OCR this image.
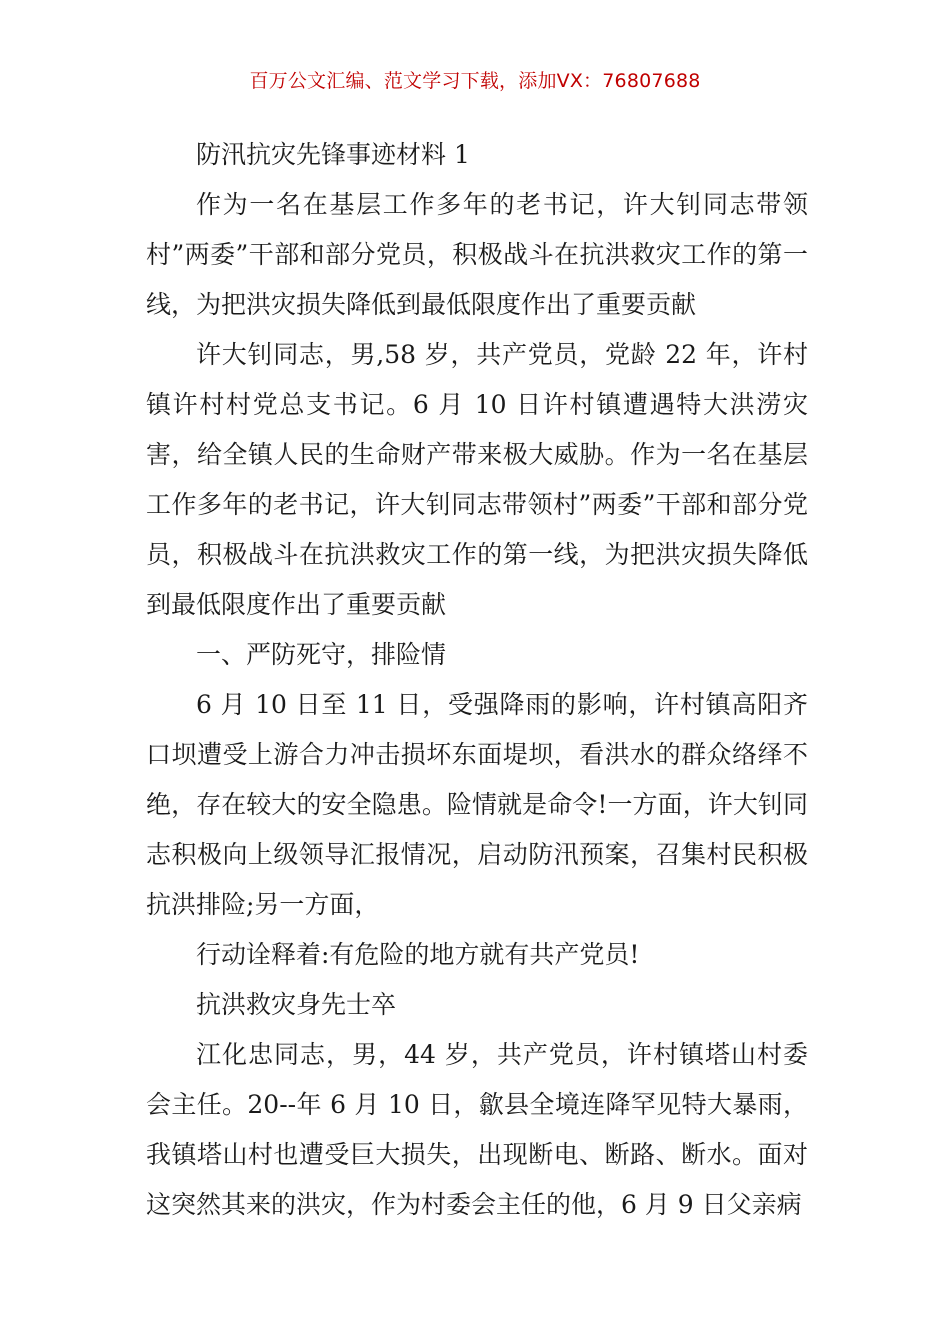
百万公文汇编、范文学习下载，添加VX：76807688

防汛抗灾先锋事迹材料 1

作为一名在基层工作多年的老书记，许大钊同志带领村”两委”干部和部分党员，积极战斗在抗洪救灾工作的第一线，为把洪灾损失降低到最低限度作出了重要贡献

许大钊同志，男,58 岁，共产党员，党龄 22 年，许村镇许村村党总支书记。6 月 10 日许村镇遭遇特大洪涝灾害，给全镇人民的生命财产带来极大威胁。作为一名在基层工作多年的老书记，许大钊同志带领村”两委”干部和部分党员，积极战斗在抗洪救灾工作的第一线，为把洪灾损失降低到最低限度作出了重要贡献

一、严防死守，排险情

6 月 10 日至 11 日，受强降雨的影响，许村镇高阳齐口坝遭受上游合力冲击损坏东面堤坝，看洪水的群众络绎不绝，存在较大的安全隐患。险情就是命令!一方面，许大钊同志积极向上级领导汇报情况，启动防汛预案，召集村民积极抗洪排险;另一方面，

行动诠释着:有危险的地方就有共产党员!

抗洪救灾身先士卒

江化忠同志，男，44 岁，共产党员，许村镇塔山村委会主任。20--年 6 月 10 日，歙县全境连降罕见特大暴雨，我镇塔山村也遭受巨大损失，出现断电、断路、断水。面对这突然其来的洪灾，作为村委会主任的他，6 月 9 日父亲病
